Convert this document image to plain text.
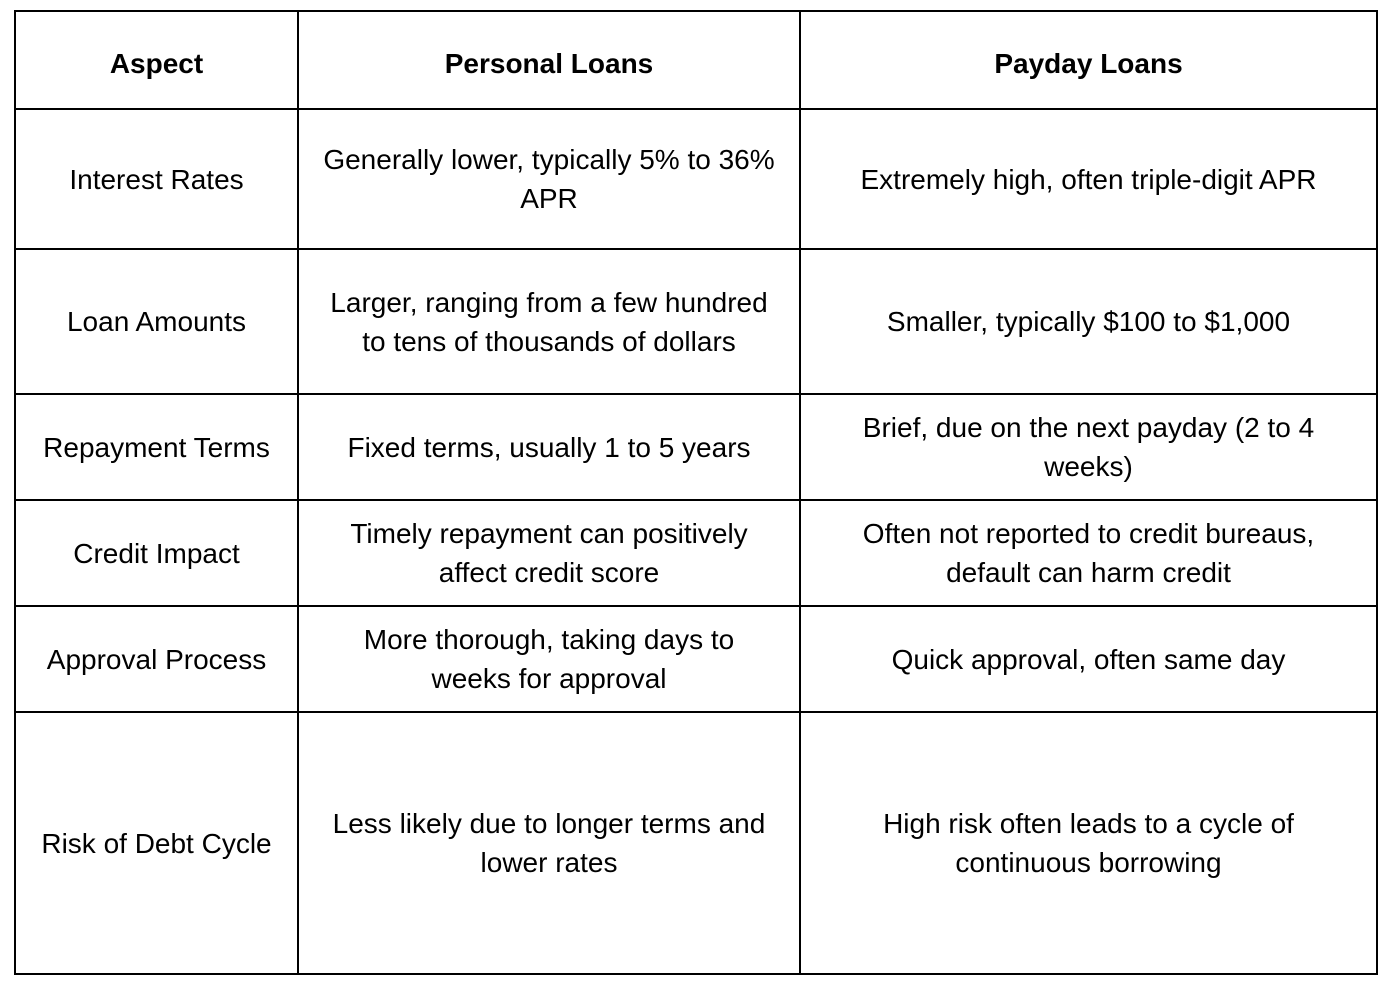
Aspect	Personal Loans	Payday Loans
Interest Rates	Generally lower, typically 5% to 36% APR	Extremely high, often triple-digit APR
Loan Amounts	Larger, ranging from a few hundred to tens of thousands of dollars	Smaller, typically $100 to $1,000
Repayment Terms	Fixed terms, usually 1 to 5 years	Brief, due on the next payday (2 to 4 weeks)
Credit Impact	Timely repayment can positively affect credit score	Often not reported to credit bureaus, default can harm credit
Approval Process	More thorough, taking days to weeks for approval	Quick approval, often same day
Risk of Debt Cycle	Less likely due to longer terms and lower rates	High risk often leads to a cycle of continuous borrowing
